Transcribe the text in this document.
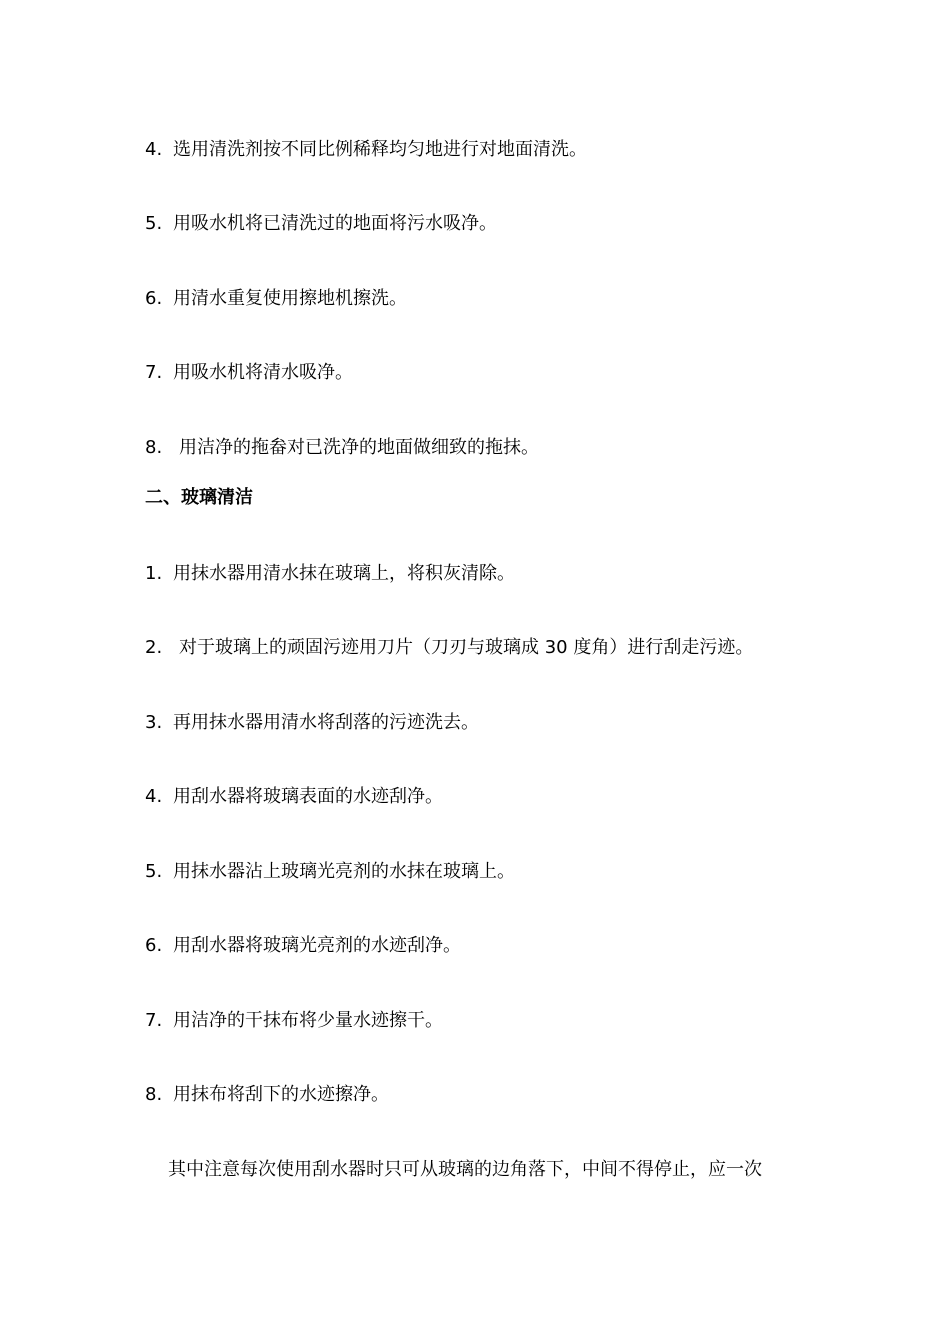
4. 选用清洗剂按不同比例稀释均匀地进行对地面清洗。
5. 用吸水机将已清洗过的地面将污水吸净。
6. 用清水重复使用擦地机擦洗。
7. 用吸水机将清水吸净。
8. 用洁净的拖畚对已洗净的地面做细致的拖抹。
二、玻璃清洁
1. 用抹水器用清水抹在玻璃上，将积灰清除。
2. 对于玻璃上的顽固污迹用刀片（刀刃与玻璃成 30 度角）进行刮走污迹。
3. 再用抹水器用清水将刮落的污迹洗去。
4. 用刮水器将玻璃表面的水迹刮净。
5. 用抹水器沾上玻璃光亮剂的水抹在玻璃上。
6. 用刮水器将玻璃光亮剂的水迹刮净。
7. 用洁净的干抹布将少量水迹擦干。
8. 用抹布将刮下的水迹擦净。
其中注意每次使用刮水器时只可从玻璃的边角落下，中间不得停止，应一次
